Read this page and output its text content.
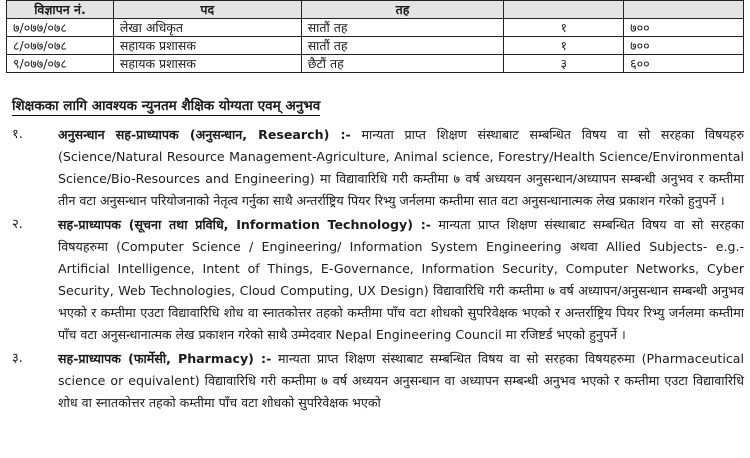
विज्ञापन नं.	पद	तह		
७/०७७/०७८	लेखा अधिकृत	सातौं तह	१	७००
८/०७७/०७८	सहायक प्रशासक	सातौं तह	१	७००
९/०७७/०७८	सहायक प्रशासक	छैटौं तह	३	६००
शिक्षकका लागि आवश्यक न्युनतम शैक्षिक योग्यता एवम् अनुभव
१.	अनुसन्धान सह-प्राध्यापक (अनुसन्धान, Research) :- मान्यता प्राप्त शिक्षण संस्थाबाट सम्बन्धित विषय वा सो सरहका विषयहरु (Science/Natural Resource Management-Agriculture, Animal science, Forestry/Health Science/Environmental Science/Bio-Resources and Engineering) मा विद्यावारिधि गरी कम्तीमा ७ वर्ष अध्ययन अनुसन्धान/अध्यापन सम्बन्धी अनुभव र कम्तीमा तीन वटा अनुसन्धान परियोजनाको नेतृत्व गर्नुका साथै अन्तर्राष्ट्रिय पियर रिभ्यु जर्नलमा कम्तीमा सात वटा अनुसन्धानात्मक लेख प्रकाशन गरेको हुनुपर्ने ।
२.	सह-प्राध्यापक (सूचना तथा प्रविधि, Information Technology) :- मान्यता प्राप्त शिक्षण संस्थाबाट सम्बन्धित विषय वा सो सरहका विषयहरुमा (Computer Science / Engineering/ Information System Engineering अथवा Allied Subjects- e.g.- Artificial Intelligence, Intent of Things, E-Governance, Information Security, Computer Networks, Cyber Security, Web Technologies, Cloud Computing, UX Design) विद्यावारिधि गरी कम्तीमा ७ वर्ष अध्यापन/अनुसन्धान सम्बन्धी अनुभव भएको र कम्तीमा एउटा विद्यावारिधि शोध वा स्नातकोत्तर तहको कम्तीमा पाँच वटा शोधको सुपरिवेक्षक भएको र अन्तर्राष्ट्रिय पियर रिभ्यु जर्नलमा कम्तीमा पाँच वटा अनुसन्धानात्मक लेख प्रकाशन गरेको साथै उम्मेदवार Nepal Engineering Council मा रजिष्टर्ड भएको हुनुपर्ने ।
३.	सह-प्राध्यापक (फार्मेसी, Pharmacy) :- मान्यता प्राप्त शिक्षण संस्थाबाट सम्बन्धित विषय वा सो सरहका विषयहरुमा (Pharmaceutical science or equivalent) विद्यावारिधि गरी कम्तीमा ७ वर्ष अध्ययन अनुसन्धान वा अध्यापन सम्बन्धी अनुभव भएको र कम्तीमा एउटा विद्यावारिधि शोध वा स्नातकोत्तर तहको कम्तीमा पाँच वटा शोधको सुपरिवेक्षक भएको
